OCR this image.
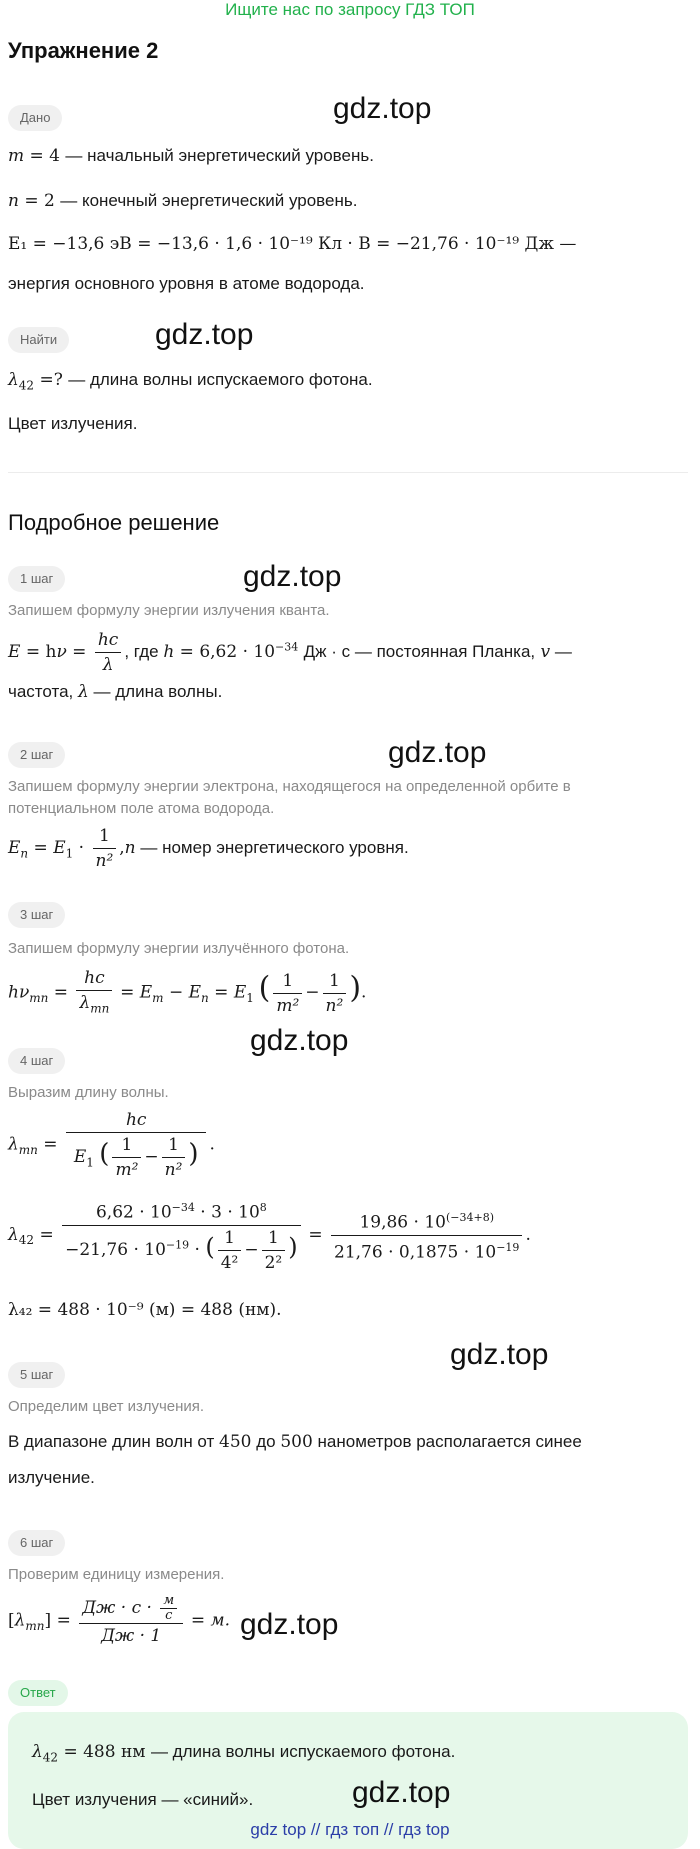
Ищите нас по запросу ГДЗ ТОП
Упражнение 2
Дано	gdz.top
m = 4 — начальный энергетический уровень.
n = 2 — конечный энергетический уровень.
E₁ = −13,6 эВ = −13,6 · 1,6 · 10⁻¹⁹ Кл · В = −21,76 · 10⁻¹⁹ Дж —
энергия основного уровня в атоме водорода.
Найти	gdz.top
$\lambda_{42}$ =? — длина волны испускаемого фотона.
Цвет излучения.
Подробное решение
1 шаг	gdz.top
Запишем формулу энергии излучения кванта.
$E = h\nu = \frac{hc}{\lambda}$ , где $h = 6,62 \cdot 10^{-34}$ Дж · с — постоянная Планка, v —
частота, λ — длина волны.
2 шаг	gdz.top
Запишем формулу энергии электрона, находящегося на определенной орбите в
потенциальном поле атома водорода.
$E_n = E_1 \cdot \frac{1}{\text{n²}} ,n$ — номер энергетического уровня.
3 шаг
Запишем формулу энергии излучённого фотона.
$h\nu_{mn} = \frac{hc}{\lambda_{mn}} = E_m - E_n = E_1$ ( $\frac{1}{\text{m²}} - \frac{1}{\text{n²}}$ ).
gdz.top
4 шаг
Выразим длину волны.
$\lambda_{mn} = \frac{hc}{E_1 ( \frac{1}{\text{m²}} - \frac{1}{\text{n²}} )}$ .
$\lambda_{42} = \frac{6,62 \cdot 10^{-34} \cdot 3 \cdot 10^8}{-21,76 \cdot 10^{-19} \cdot ( \frac{1}{\text{4²}} - \frac{1}{\text{2²}} )} = \frac{19,86 \cdot 10^{(-34+8)}}{21,76 \cdot 0,1875 \cdot 10^{-19}}$ .
λ₄₂ = 488 · 10⁻⁹ (м) = 488 (нм).
gdz.top
5 шаг
Определим цвет излучения.
В диапазоне длин волн от 450 до 500 нанометров располагается синее
излучение.
6 шаг
Проверим единицу измерения.
$[\lambda_{mn}] = \frac{Дж \cdot с \cdot \frac{м}{с}}{Дж \cdot 1} = м$. gdz.top
Ответ
$\lambda_{42} = 488$ нм — длина волны испускаемого фотона.
Цвет излучения — «синий».	gdz.top
gdz top // гдз топ // гдз top
